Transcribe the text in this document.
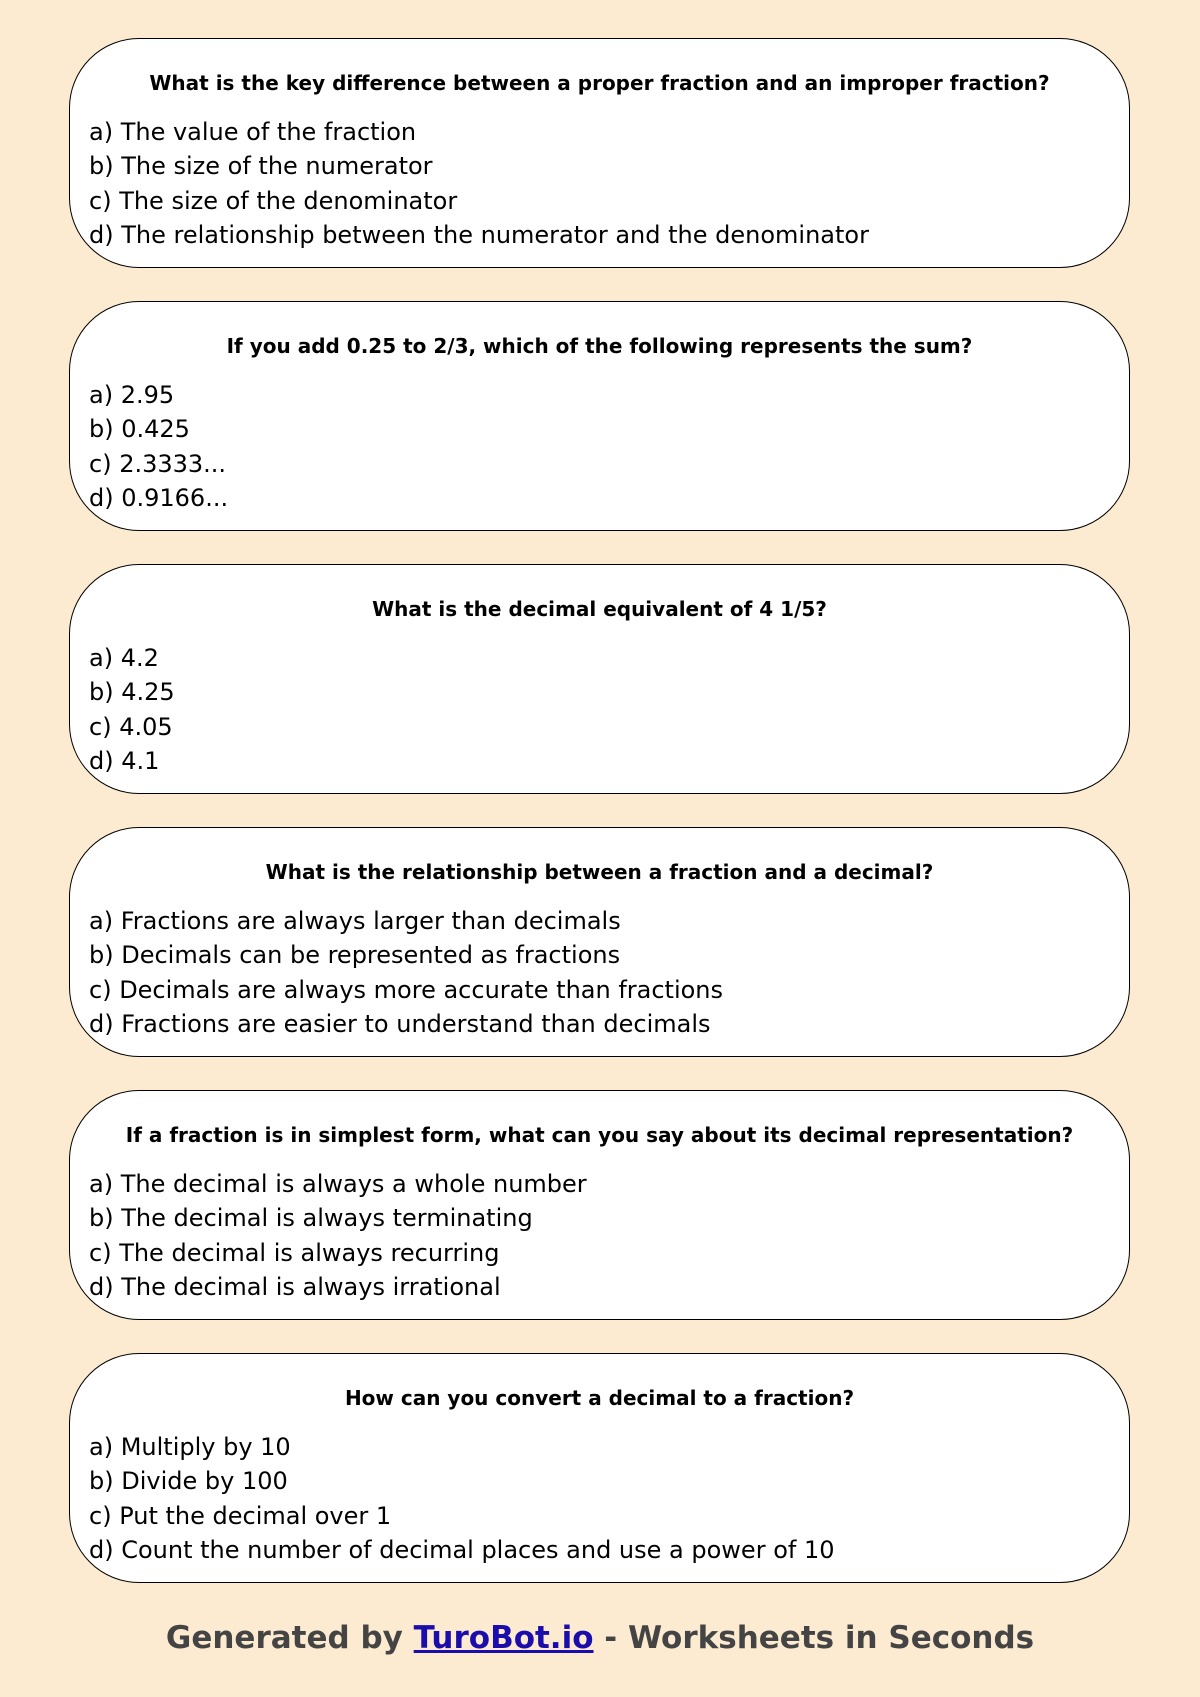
What is the key difference between a proper fraction and an improper fraction?
a) The value of the fraction
b) The size of the numerator
c) The size of the denominator
d) The relationship between the numerator and the denominator
If you add 0.25 to 2/3, which of the following represents the sum?
a) 2.95
b) 0.425
c) 2.3333...
d) 0.9166...
What is the decimal equivalent of 4 1/5?
a) 4.2
b) 4.25
c) 4.05
d) 4.1
What is the relationship between a fraction and a decimal?
a) Fractions are always larger than decimals
b) Decimals can be represented as fractions
c) Decimals are always more accurate than fractions
d) Fractions are easier to understand than decimals
If a fraction is in simplest form, what can you say about its decimal representation?
a) The decimal is always a whole number
b) The decimal is always terminating
c) The decimal is always recurring
d) The decimal is always irrational
How can you convert a decimal to a fraction?
a) Multiply by 10
b) Divide by 100
c) Put the decimal over 1
d) Count the number of decimal places and use a power of 10
Generated by TuroBot.io - Worksheets in Seconds
